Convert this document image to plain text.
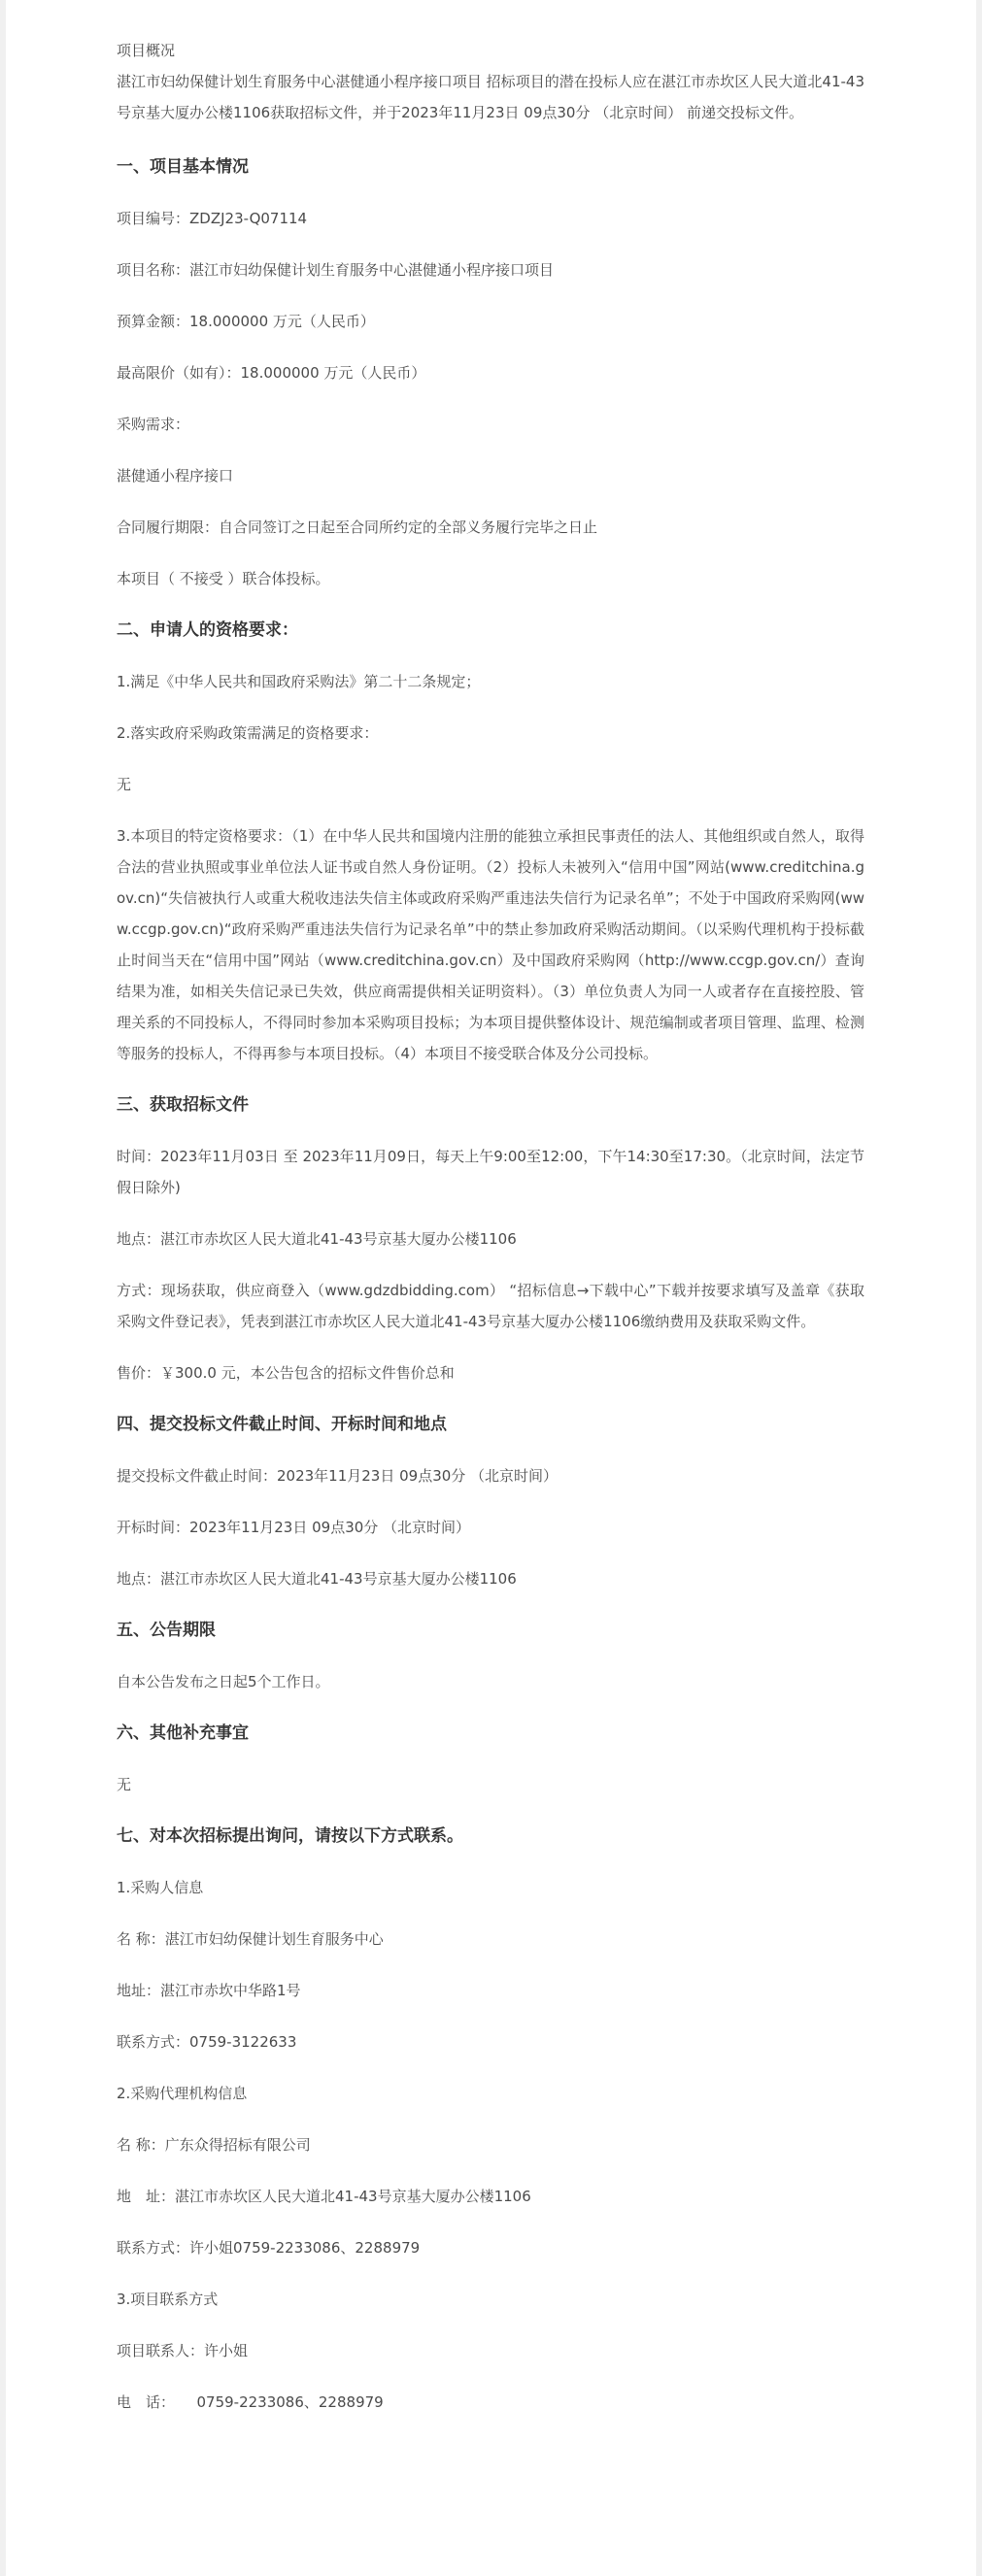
项目概况

湛江市妇幼保健计划生育服务中心湛健通小程序接口项目 招标项目的潜在投标人应在湛江市赤坎区人民大道北41-43号京基大厦办公楼1106获取招标文件，并于2023年11月23日 09点30分 （北京时间） 前递交投标文件。

一、项目基本情况

项目编号：ZDZJ23-Q07114

项目名称：湛江市妇幼保健计划生育服务中心湛健通小程序接口项目

预算金额：18.000000 万元（人民币）

最高限价（如有）：18.000000 万元（人民币）

采购需求：

湛健通小程序接口

合同履行期限：自合同签订之日起至合同所约定的全部义务履行完毕之日止

本项目（ 不接受 ）联合体投标。

二、申请人的资格要求：

1.满足《中华人民共和国政府采购法》第二十二条规定；

2.落实政府采购政策需满足的资格要求：

无

3.本项目的特定资格要求：（1）在中华人民共和国境内注册的能独立承担民事责任的法人、其他组织或自然人，取得合法的营业执照或事业单位法人证书或自然人身份证明。（2）投标人未被列入“信用中国”网站(www.creditchina.gov.cn)“失信被执行人或重大税收违法失信主体或政府采购严重违法失信行为记录名单”；不处于中国政府采购网(www.ccgp.gov.cn)“政府采购严重违法失信行为记录名单”中的禁止参加政府采购活动期间。（以采购代理机构于投标截止时间当天在“信用中国”网站（www.creditchina.gov.cn）及中国政府采购网（http://www.ccgp.gov.cn/）查询结果为准，如相关失信记录已失效，供应商需提供相关证明资料）。（3）单位负责人为同一人或者存在直接控股、管理关系的不同投标人，不得同时参加本采购项目投标；为本项目提供整体设计、规范编制或者项目管理、监理、检测等服务的投标人，不得再参与本项目投标。（4）本项目不接受联合体及分公司投标。

三、获取招标文件

时间：2023年11月03日 至 2023年11月09日，每天上午9:00至12:00，下午14:30至17:30。（北京时间，法定节假日除外)

地点：湛江市赤坎区人民大道北41-43号京基大厦办公楼1106

方式：现场获取，供应商登入（www.gdzdbidding.com） “招标信息→下载中心”下载并按要求填写及盖章《获取采购文件登记表》，凭表到湛江市赤坎区人民大道北41-43号京基大厦办公楼1106缴纳费用及获取采购文件。

售价：￥300.0 元，本公告包含的招标文件售价总和

四、提交投标文件截止时间、开标时间和地点

提交投标文件截止时间：2023年11月23日 09点30分 （北京时间）

开标时间：2023年11月23日 09点30分 （北京时间）

地点：湛江市赤坎区人民大道北41-43号京基大厦办公楼1106

五、公告期限

自本公告发布之日起5个工作日。

六、其他补充事宜

无

七、对本次招标提出询问，请按以下方式联系。

1.采购人信息

名 称：湛江市妇幼保健计划生育服务中心

地址：湛江市赤坎中华路1号

联系方式：0759-3122633

2.采购代理机构信息

名 称：广东众得招标有限公司

地　址：湛江市赤坎区人民大道北41-43号京基大厦办公楼1106

联系方式：许小姐0759-2233086、2288979

3.项目联系方式

项目联系人：许小姐

电　话：　　0759-2233086、2288979
